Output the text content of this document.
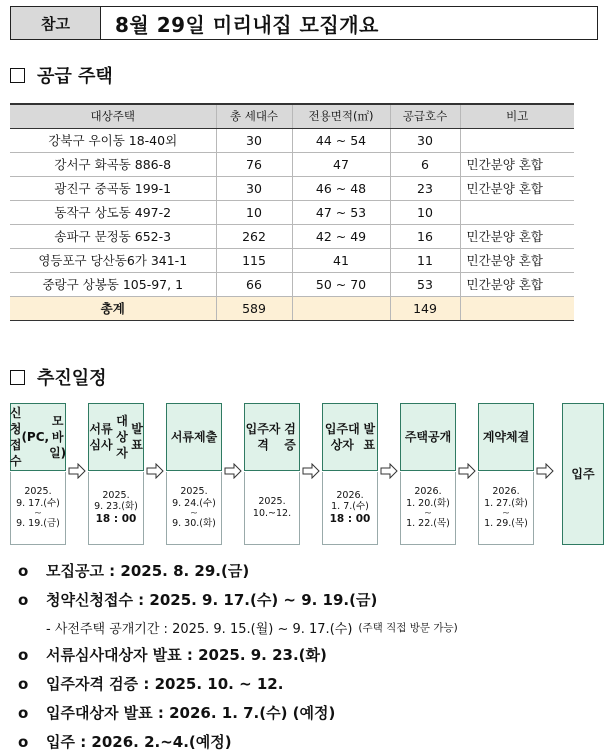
참고	8월 29일 미리내집 모집개요
공급 주택
대상주택	총 세대수	전용면적(㎡)	공급호수	비고
강북구 우이동 18-40외	30	44 ~ 54	30	
강서구 화곡동 886-8	76	47	6	민간분양 혼합
광진구 중곡동 199-1	30	46 ~ 48	23	민간분양 혼합
동작구 상도동 497-2	10	47 ~ 53	10	
송파구 문정동 652-3	262	42 ~ 49	16	민간분양 혼합
영등포구 당산동6가 341-1	115	41	11	민간분양 혼합
중랑구 상봉동 105-97, 1	66	50 ~ 70	53	민간분양 혼합
총계	589		149	
추진일정
신청접수
(PC,
모바일)
2025.
9. 17.(수)
~
9. 19.(금)
서류심사
대상자
발표
2025.
9. 23.(화)
18 : 00
서류제출
2025.
9. 24.(수)
~
9. 30.(화)
입주자격
검증
2025.
10.~12.
입주대상자
발표
2026.
1. 7.(수)
18 : 00
주택공개
2026.
1. 20.(화)
~
1. 22.(목)
계약체결
2026.
1. 27.(화)
~
1. 29.(목)
입주
o	모집공고 : 2025. 8. 29.(금)
o	청약신청접수 : 2025. 9. 17.(수) ~ 9. 19.(금)
- 사전주택 공개기간 : 2025. 9. 15.(월) ~ 9. 17.(수) (주택 직접 방문 가능)
o	서류심사대상자 발표 : 2025. 9. 23.(화)
o	입주자격 검증 : 2025. 10. ~ 12.
o	입주대상자 발표 : 2026. 1. 7.(수) (예정)
o	입주 : 2026. 2.~4.(예정)
